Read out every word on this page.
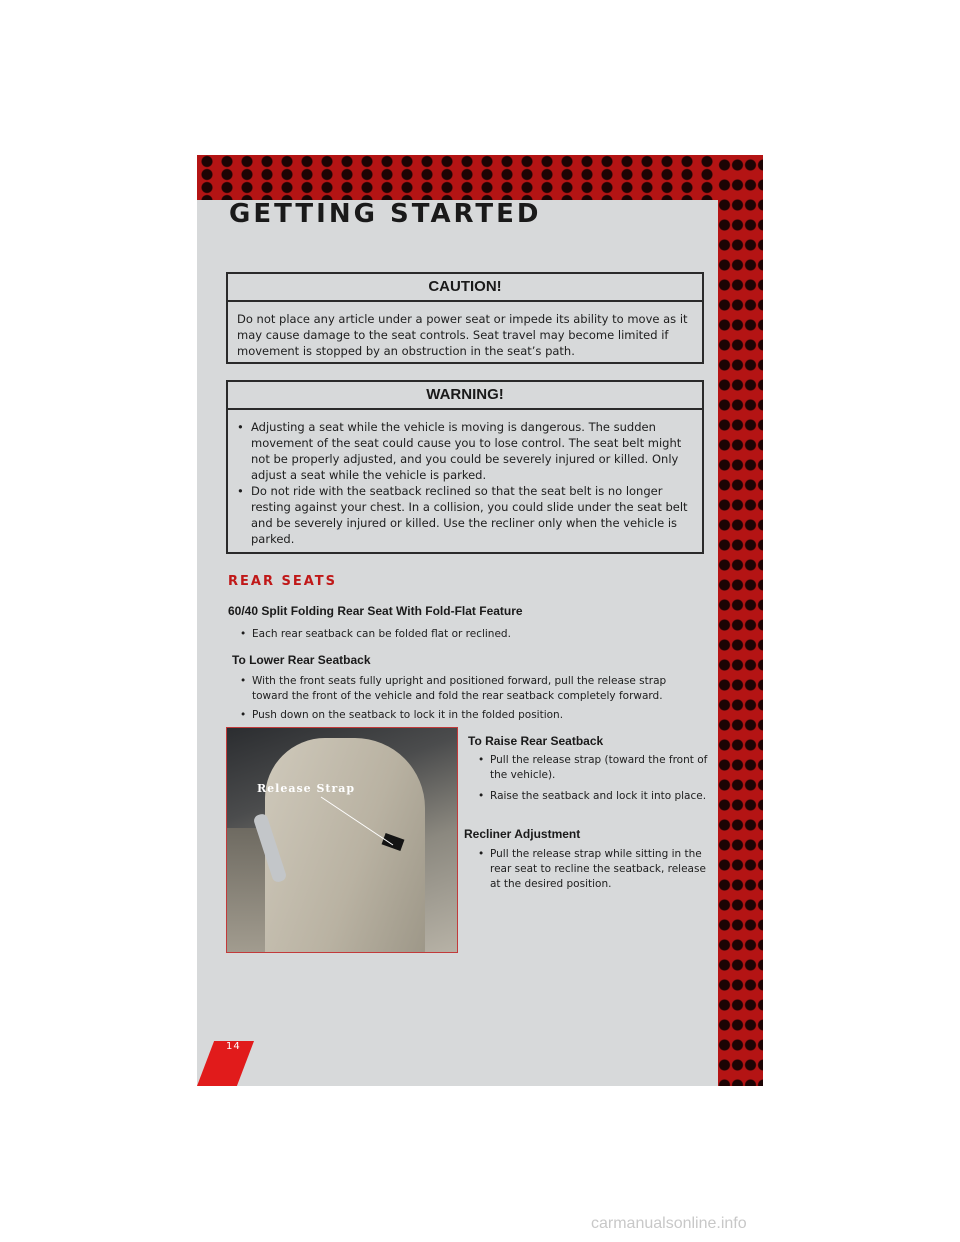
GETTING STARTED
CAUTION!
Do not place any article under a power seat or impede its ability to move as it may cause damage to the seat controls. Seat travel may become limited if movement is stopped by an obstruction in the seat’s path.
WARNING!
• Adjusting a seat while the vehicle is moving is dangerous. The sudden movement of the seat could cause you to lose control. The seat belt might not be properly adjusted, and you could be severely injured or killed. Only adjust a seat while the vehicle is parked.
• Do not ride with the seatback reclined so that the seat belt is no longer resting against your chest. In a collision, you could slide under the seat belt and be severely injured or killed. Use the recliner only when the vehicle is parked.
REAR SEATS

60/40 Split Folding Rear Seat With Fold-Flat Feature

• Each rear seatback can be folded flat or reclined.

To Lower Rear Seatback

• With the front seats fully upright and positioned forward, pull the release strap toward the front of the vehicle and fold the rear seatback completely forward.

• Push down on the seatback to lock it in the folded position.

Release Strap

To Raise Rear Seatback

• Pull the release strap (toward the front of the vehicle).

• Raise the seatback and lock it into place.

Recliner Adjustment

• Pull the release strap while sitting in the rear seat to recline the seatback, release at the desired position.

14

carmanualsonline.info
